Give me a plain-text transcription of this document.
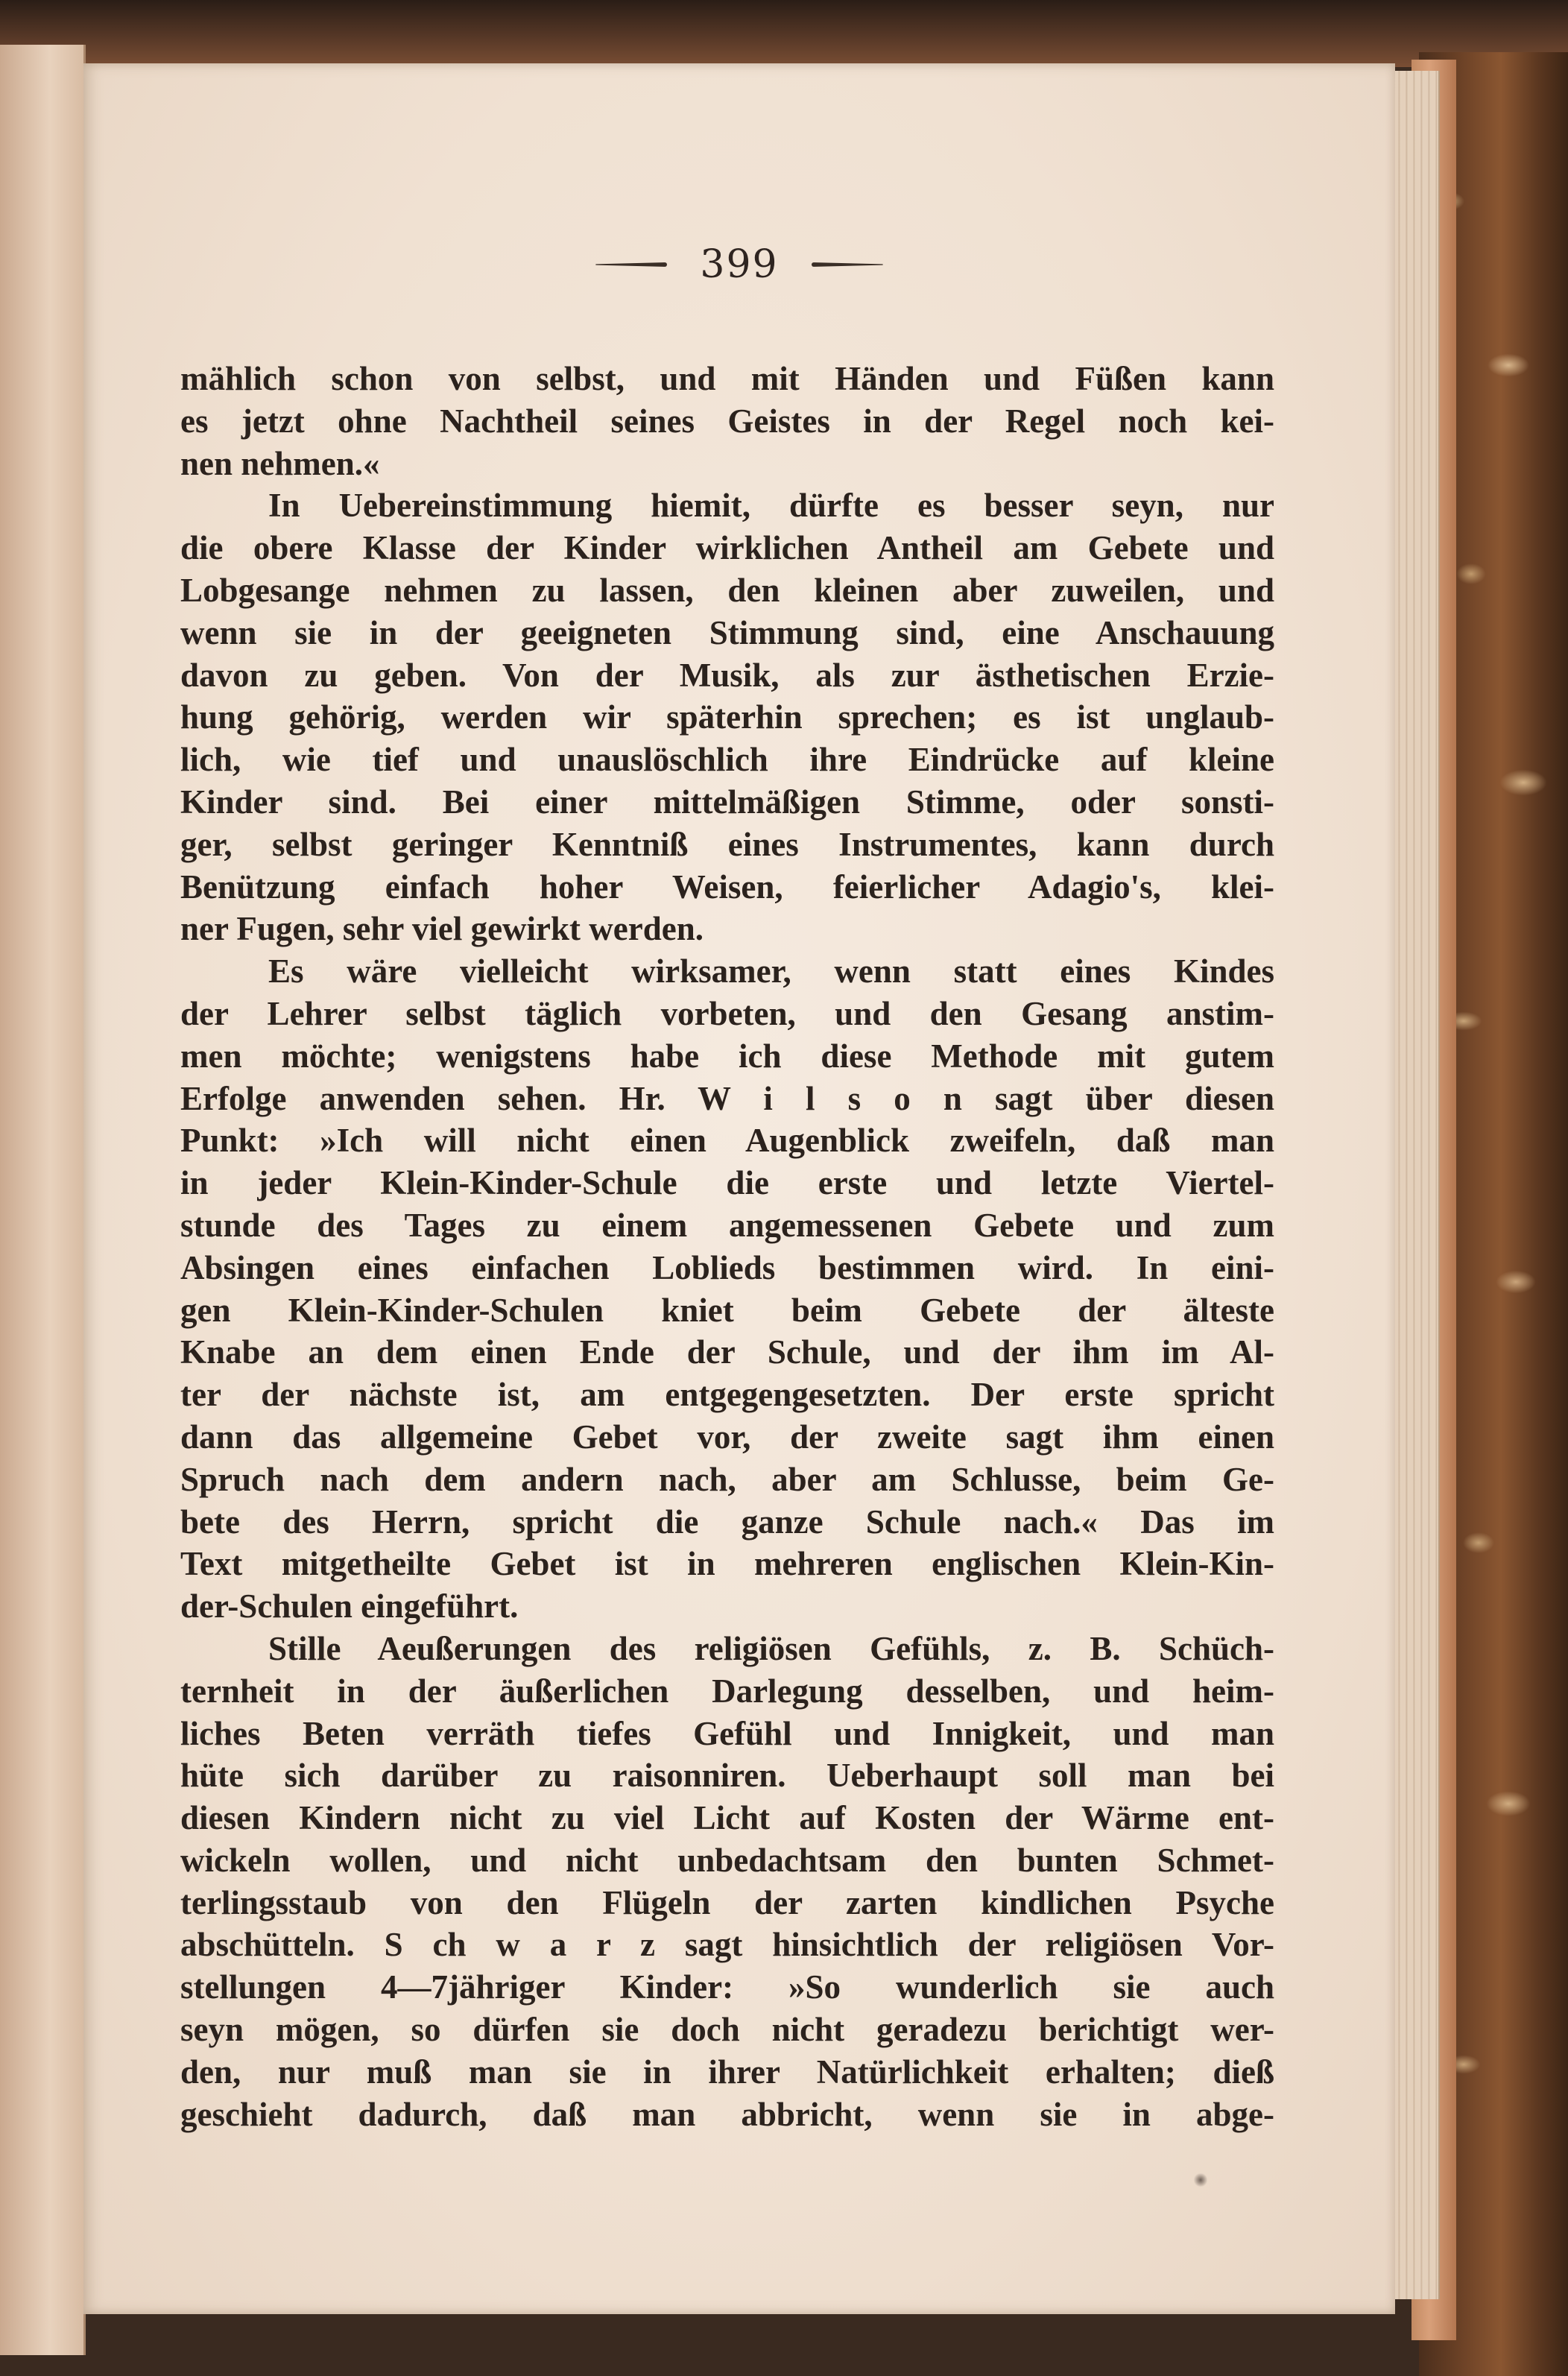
399
mählich schon von selbst, und mit Händen und Füßen kann
es jetzt ohne Nachtheil seines Geistes in der Regel noch kei-
nen nehmen.«
In Uebereinstimmung hiemit, dürfte es besser seyn, nur
die obere Klasse der Kinder wirklichen Antheil am Gebete und
Lobgesange nehmen zu lassen, den kleinen aber zuweilen, und
wenn sie in der geeigneten Stimmung sind, eine Anschauung
davon zu geben. Von der Musik, als zur ästhetischen Erzie-
hung gehörig, werden wir späterhin sprechen; es ist unglaub-
lich, wie tief und unauslöschlich ihre Eindrücke auf kleine
Kinder sind. Bei einer mittelmäßigen Stimme, oder sonsti-
ger, selbst geringer Kenntniß eines Instrumentes, kann durch
Benützung einfach hoher Weisen, feierlicher Adagio's, klei-
ner Fugen, sehr viel gewirkt werden.
Es wäre vielleicht wirksamer, wenn statt eines Kindes
der Lehrer selbst täglich vorbeten, und den Gesang anstim-
men möchte; wenigstens habe ich diese Methode mit gutem
Erfolge anwenden sehen. Hr. W i l s o n sagt über diesen
Punkt: »Ich will nicht einen Augenblick zweifeln, daß man
in jeder Klein-Kinder-Schule die erste und letzte Viertel-
stunde des Tages zu einem angemessenen Gebete und zum
Absingen eines einfachen Loblieds bestimmen wird. In eini-
gen Klein-Kinder-Schulen kniet beim Gebete der älteste
Knabe an dem einen Ende der Schule, und der ihm im Al-
ter der nächste ist, am entgegengesetzten. Der erste spricht
dann das allgemeine Gebet vor, der zweite sagt ihm einen
Spruch nach dem andern nach, aber am Schlusse, beim Ge-
bete des Herrn, spricht die ganze Schule nach.« Das im
Text mitgetheilte Gebet ist in mehreren englischen Klein-Kin-
der-Schulen eingeführt.
Stille Aeußerungen des religiösen Gefühls, z. B. Schüch-
ternheit in der äußerlichen Darlegung desselben, und heim-
liches Beten verräth tiefes Gefühl und Innigkeit, und man
hüte sich darüber zu raisonniren. Ueberhaupt soll man bei
diesen Kindern nicht zu viel Licht auf Kosten der Wärme ent-
wickeln wollen, und nicht unbedachtsam den bunten Schmet-
terlingsstaub von den Flügeln der zarten kindlichen Psyche
abschütteln. S ch w a r z sagt hinsichtlich der religiösen Vor-
stellungen 4—7jähriger Kinder: »So wunderlich sie auch
seyn mögen, so dürfen sie doch nicht geradezu berichtigt wer-
den, nur muß man sie in ihrer Natürlichkeit erhalten; dieß
geschieht dadurch, daß man abbricht, wenn sie in abge-
